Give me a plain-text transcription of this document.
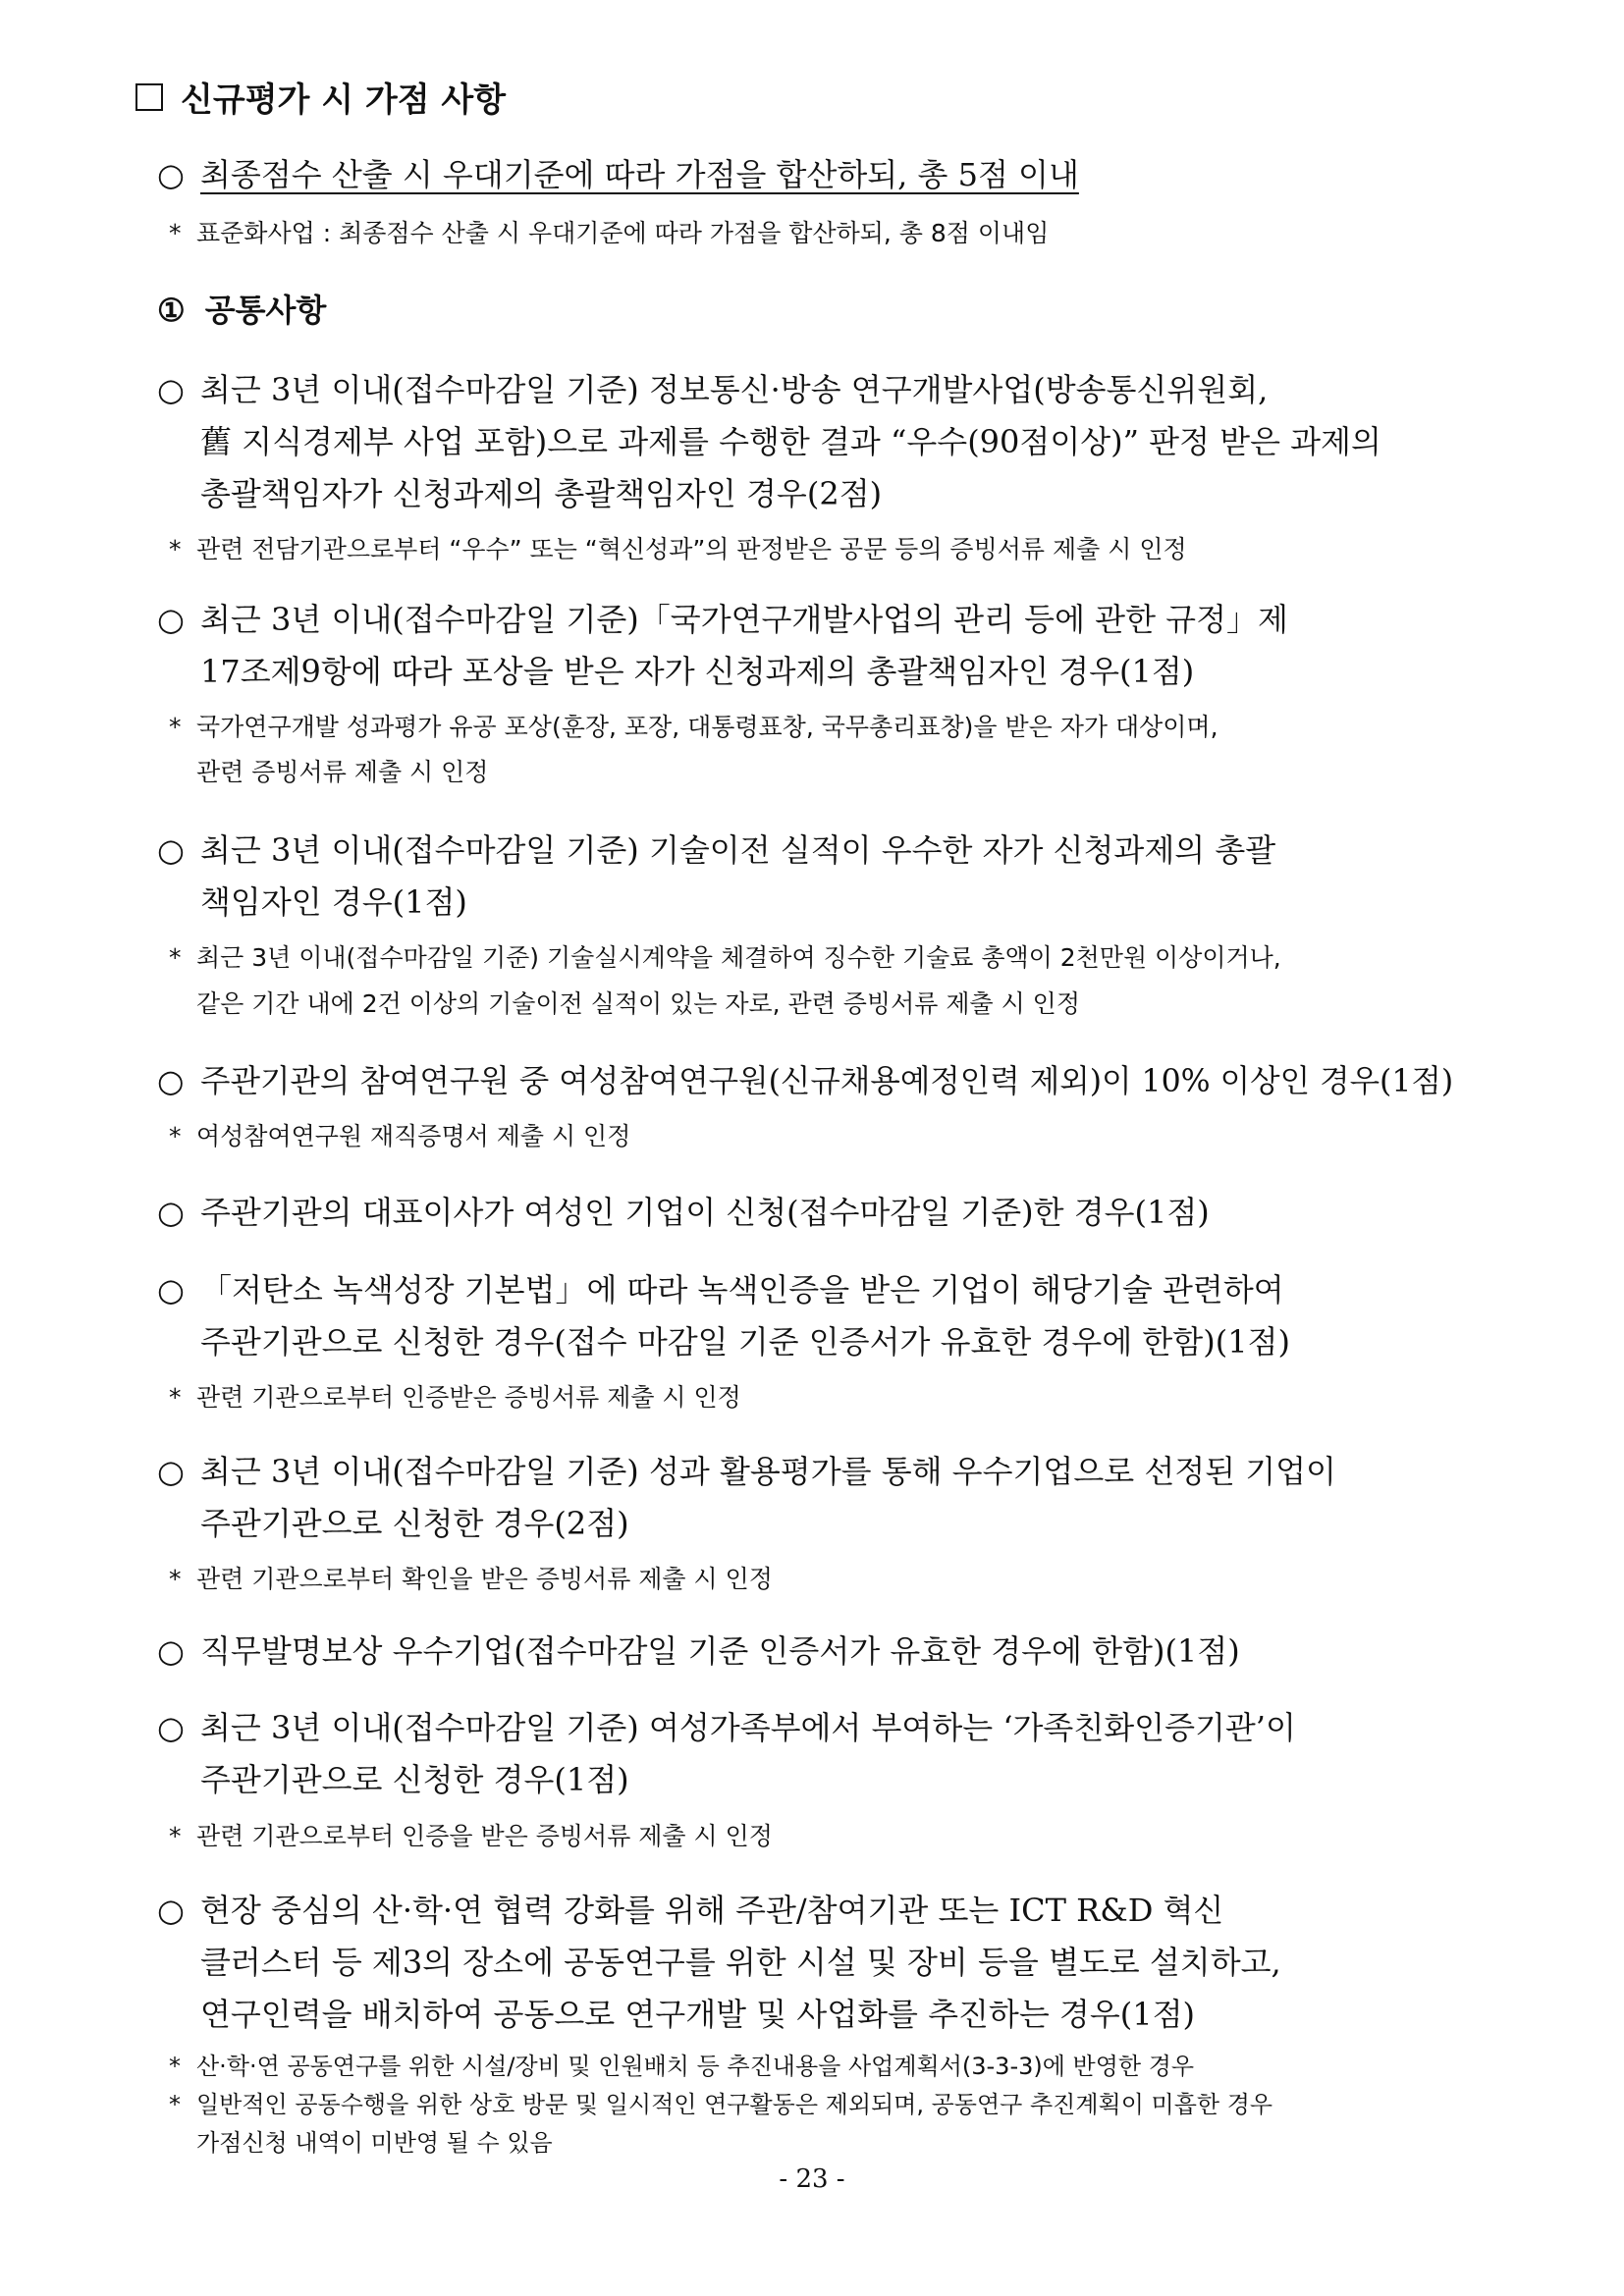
신규평가 시 가점 사항
○ 최종점수 산출 시 우대기준에 따라 가점을 합산하되, 총 5점 이내
* 표준화사업 : 최종점수 산출 시 우대기준에 따라 가점을 합산하되, 총 8점 이내임
① 공통사항
○ 최근 3년 이내(접수마감일 기준) 정보통신·방송 연구개발사업(방송통신위원회,
舊 지식경제부 사업 포함)으로 과제를 수행한 결과 “우수(90점이상)” 판정 받은 과제의
총괄책임자가 신청과제의 총괄책임자인 경우(2점)
* 관련 전담기관으로부터 “우수” 또는 “혁신성과”의 판정받은 공문 등의 증빙서류 제출 시 인정
○ 최근 3년 이내(접수마감일 기준)「국가연구개발사업의 관리 등에 관한 규정」제
17조제9항에 따라 포상을 받은 자가 신청과제의 총괄책임자인 경우(1점)
* 국가연구개발 성과평가 유공 포상(훈장, 포장, 대통령표창, 국무총리표창)을 받은 자가 대상이며,
관련 증빙서류 제출 시 인정
○ 최근 3년 이내(접수마감일 기준) 기술이전 실적이 우수한 자가 신청과제의 총괄
책임자인 경우(1점)
* 최근 3년 이내(접수마감일 기준) 기술실시계약을 체결하여 징수한 기술료 총액이 2천만원 이상이거나,
같은 기간 내에 2건 이상의 기술이전 실적이 있는 자로, 관련 증빙서류 제출 시 인정
○ 주관기관의 참여연구원 중 여성참여연구원(신규채용예정인력 제외)이 10% 이상인 경우(1점)
* 여성참여연구원 재직증명서 제출 시 인정
○ 주관기관의 대표이사가 여성인 기업이 신청(접수마감일 기준)한 경우(1점)
○ 「저탄소 녹색성장 기본법」에 따라 녹색인증을 받은 기업이 해당기술 관련하여
주관기관으로 신청한 경우(접수 마감일 기준 인증서가 유효한 경우에 한함)(1점)
* 관련 기관으로부터 인증받은 증빙서류 제출 시 인정
○ 최근 3년 이내(접수마감일 기준) 성과 활용평가를 통해 우수기업으로 선정된 기업이
주관기관으로 신청한 경우(2점)
* 관련 기관으로부터 확인을 받은 증빙서류 제출 시 인정
○ 직무발명보상 우수기업(접수마감일 기준 인증서가 유효한 경우에 한함)(1점)
○ 최근 3년 이내(접수마감일 기준) 여성가족부에서 부여하는 ‘가족친화인증기관’이
주관기관으로 신청한 경우(1점)
* 관련 기관으로부터 인증을 받은 증빙서류 제출 시 인정
○ 현장 중심의 산·학·연 협력 강화를 위해 주관/참여기관 또는 ICT R&D 혁신
클러스터 등 제3의 장소에 공동연구를 위한 시설 및 장비 등을 별도로 설치하고,
연구인력을 배치하여 공동으로 연구개발 및 사업화를 추진하는 경우(1점)
* 산·학·연 공동연구를 위한 시설/장비 및 인원배치 등 추진내용을 사업계획서(3-3-3)에 반영한 경우
* 일반적인 공동수행을 위한 상호 방문 및 일시적인 연구활동은 제외되며, 공동연구 추진계획이 미흡한 경우
가점신청 내역이 미반영 될 수 있음
- 23 -
